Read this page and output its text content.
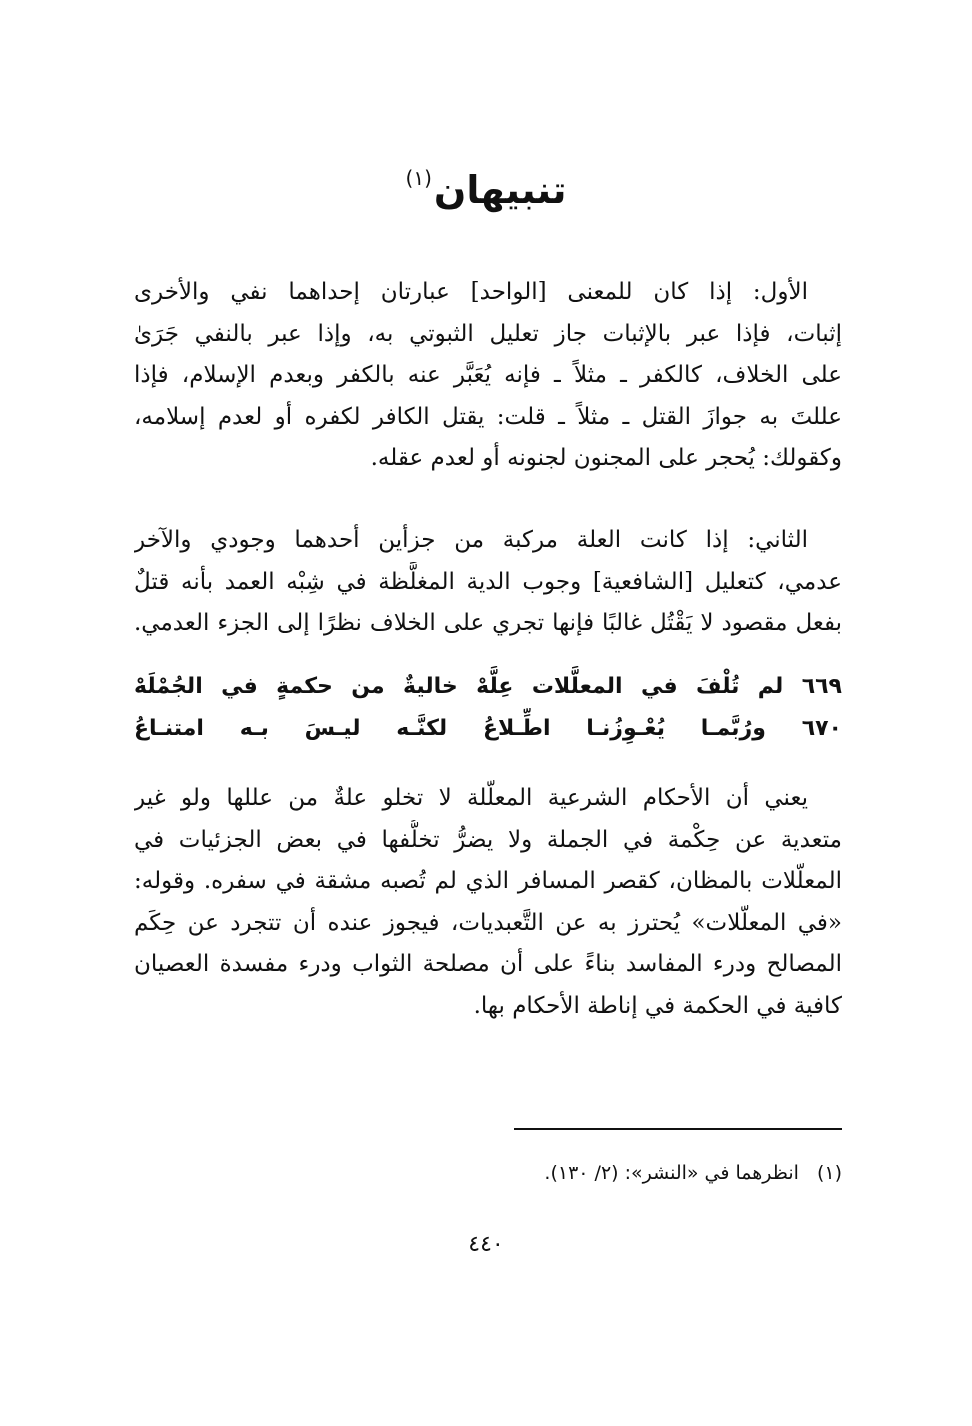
تنبيهان$^{(١)}$
الأول: إذا كان للمعنى [الواحد] عبارتان إحداهما نفي والأخرى
إثبات، فإذا عبر بالإثبات جاز تعليل الثبوتي به، وإذا عبر بالنفي جَرَىٰ
على الخلاف، كالكفر ـ مثلاً ـ فإنه يُعَبَّر عنه بالكفر وبعدم الإسلام، فإذا
عللتَ به جوازَ القتل ـ مثلاً ـ قلت: يقتل الكافر لكفره أو لعدم إسلامه،
وكقولك: يُحجر على المجنون لجنونه أو لعدم عقله.
الثاني: إذا كانت العلة مركبة من جزأين أحدهما وجودي والآخر
عدمي، كتعليل [الشافعية] وجوب الدية المغلَّظة في شِبْه العمد بأنه قتلٌ
بفعل مقصود لا يَقْتُل غالبًا فإنها تجري على الخلاف نظرًا إلى الجزء العدمي.
٦٦٩ لم تُلْفَ في المعلَّلات عِلَّهْ خاليةٌ من حكمةٍ في الجُمْلَهْ
٦٧٠ ورُبَّمـا يُعْـوِزُنـا اطِّـلاعُ لكنَّـه ليـسَ بـه امتنـاعُ
يعني أن الأحكام الشرعية المعلّلة لا تخلو علةٌ من عللها ولو غير
متعدية عن حِكْمة في الجملة ولا يضرُّ تخلُّفها في بعض الجزئيات في
المعلّلات بالمظان، كقصر المسافر الذي لم تُصبه مشقة في سفره. وقوله:
«في المعلّلات» يُحترز به عن التَّعبديات، فيجوز عنده أن تتجرد عن حِكَم
المصالح ودرء المفاسد بناءً على أن مصلحة الثواب ودرء مفسدة العصيان
كافية في الحكمة في إناطة الأحكام بها.
(١)انظرهما في «النشر»: (٢/ ١٣٠).
٤٤٠
